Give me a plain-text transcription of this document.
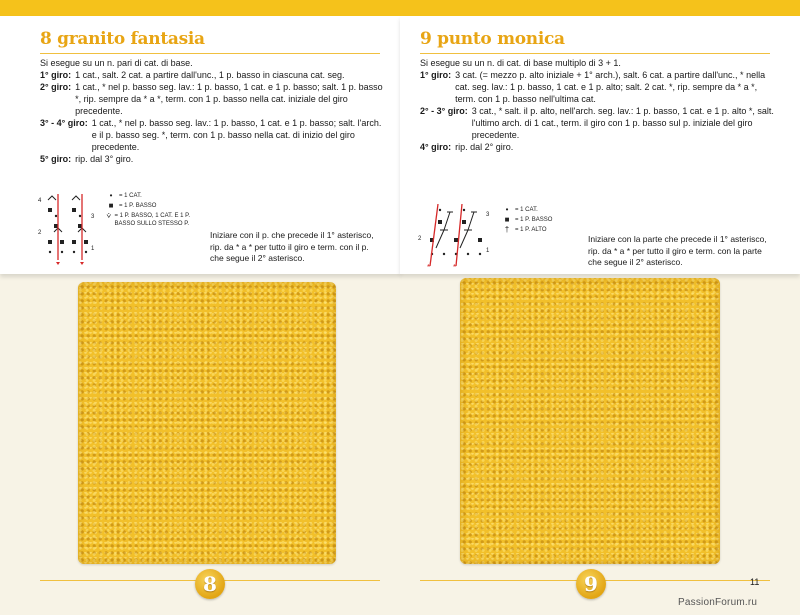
8 granito fantasia
Si esegue su un n. pari di cat. di base.
1° giro: 1 cat., salt. 2 cat. a partire dall'unc., 1 p. basso in ciascuna cat. seg.
2° giro: 1 cat., * nel p. basso seg. lav.: 1 p. basso, 1 cat. e 1 p. basso; salt. 1 p. basso *, rip. sempre da * a *, term. con 1 p. basso nella cat. iniziale del giro precedente.
3° - 4° giro: 1 cat., * nel p. basso seg. lav.: 1 p. basso, 1 cat. e 1 p. basso; salt. l'arch. e il p. basso seg. *, term. con 1 p. basso nella cat. di inizio del giro precedente.
5° giro: rip. dal 3° giro.
4
3
2
1
•	= 1 CAT.
■ = 1 P. BASSO
⩒ = 1 P. BASSO, 1 CAT. E 1 P. BASSO SULLO STESSO P.
Iniziare con il p. che precede il 1° asterisco, rip. da * a * per tutto il giro e term. con il p. che segue il 2° asterisco.
8
9 punto monica
Si esegue su un n. di cat. di base multiplo di 3 + 1.
1° giro: 3 cat. (= mezzo p. alto iniziale + 1° arch.), salt. 6 cat. a partire dall'unc., * nella cat. seg. lav.: 1 p. basso, 1 cat. e 1 p. alto; salt. 2 cat. *, rip. sempre da * a *, term. con 1 p. basso nell'ultima cat.
2° - 3° giro: 3 cat., * salt. il p. alto, nell'arch. seg. lav.: 1 p. basso, 1 cat. e 1 p. alto *, salt. l'ultimo arch. di 1 cat., term. il giro con 1 p. basso sul p. iniziale del giro precedente.
4° giro: rip. dal 2° giro.
*	*
3
2
1
•	= 1 CAT.
■ = 1 P. BASSO
† = 1 P. ALTO
Iniziare con la parte che precede il 1° asterisco, rip. da * a * per tutto il giro e term. con la parte che segue il 2° asterisco.
9	11
PassionForum.ru
